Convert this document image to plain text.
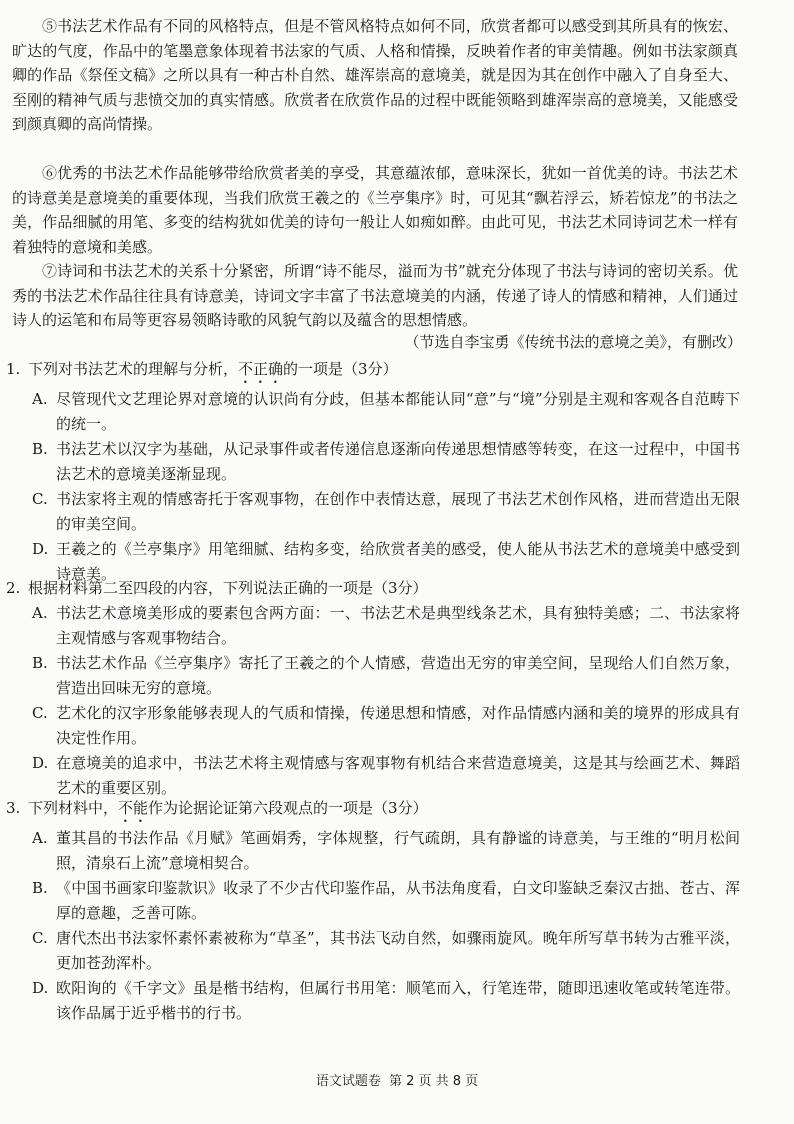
⑤书法艺术作品有不同的风格特点，但是不管风格特点如何不同，欣赏者都可以感受到其所具有的恢宏、旷达的气度，作品中的笔墨意象体现着书法家的气质、人格和情操，反映着作者的审美情趣。例如书法家颜真卿的作品《祭侄文稿》之所以具有一种古朴自然、雄浑崇高的意境美，就是因为其在创作中融入了自身至大、至刚的精神气质与悲愤交加的真实情感。欣赏者在欣赏作品的过程中既能领略到雄浑崇高的意境美，又能感受到颜真卿的高尚情操。

⑥优秀的书法艺术作品能够带给欣赏者美的享受，其意蕴浓郁，意味深长，犹如一首优美的诗。书法艺术的诗意美是意境美的重要体现，当我们欣赏王羲之的《兰亭集序》时，可见其“飘若浮云，矫若惊龙”的书法之美，作品细腻的用笔、多变的结构犹如优美的诗句一般让人如痴如醉。由此可见，书法艺术同诗词艺术一样有着独特的意境和美感。

⑦诗词和书法艺术的关系十分紧密，所谓“诗不能尽，溢而为书”就充分体现了书法与诗词的密切关系。优秀的书法艺术作品往往具有诗意美，诗词文字丰富了书法意境美的内涵，传递了诗人的情感和精神，人们通过诗人的运笔和布局等更容易领略诗歌的风貌气韵以及蕴含的思想情感。

（节选自李宝勇《传统书法的意境之美》，有删改）

1. 下列对书法艺术的理解与分析，不正确的一项是（3分）

A. 尽管现代文艺理论界对意境的认识尚有分歧，但基本都能认同“意”与“境”分别是主观和客观各自范畴下的统一。

B. 书法艺术以汉字为基础，从记录事件或者传递信息逐渐向传递思想情感等转变，在这一过程中，中国书法艺术的意境美逐渐显现。

C. 书法家将主观的情感寄托于客观事物，在创作中表情达意，展现了书法艺术创作风格，进而营造出无限的审美空间。

D. 王羲之的《兰亭集序》用笔细腻、结构多变，给欣赏者美的感受，使人能从书法艺术的意境美中感受到诗意美。

2. 根据材料第二至四段的内容，下列说法正确的一项是（3分）

A. 书法艺术意境美形成的要素包含两方面：一、书法艺术是典型线条艺术，具有独特美感；二、书法家将主观情感与客观事物结合。

B. 书法艺术作品《兰亭集序》寄托了王羲之的个人情感，营造出无穷的审美空间，呈现给人们自然万象，营造出回味无穷的意境。

C. 艺术化的汉字形象能够表现人的气质和情操，传递思想和情感，对作品情感内涵和美的境界的形成具有决定性作用。

D. 在意境美的追求中，书法艺术将主观情感与客观事物有机结合来营造意境美，这是其与绘画艺术、舞蹈艺术的重要区别。

3. 下列材料中，不能作为论据论证第六段观点的一项是（3分）

A. 董其昌的书法作品《月赋》笔画娟秀，字体规整，行气疏朗，具有静谧的诗意美，与王维的“明月松间照，清泉石上流”意境相契合。

B. 《中国书画家印鉴款识》收录了不少古代印鉴作品，从书法角度看，白文印鉴缺乏秦汉古拙、苍古、浑厚的意趣，乏善可陈。

C. 唐代杰出书法家怀素怀素被称为“草圣”，其书法飞动自然，如骤雨旋风。晚年所写草书转为古雅平淡，更加苍劲浑朴。

D. 欧阳询的《千字文》虽是楷书结构，但属行书用笔：顺笔而入，行笔连带，随即迅速收笔或转笔连带。该作品属于近乎楷书的行书。

语文试题卷 第 2 页 共 8 页
